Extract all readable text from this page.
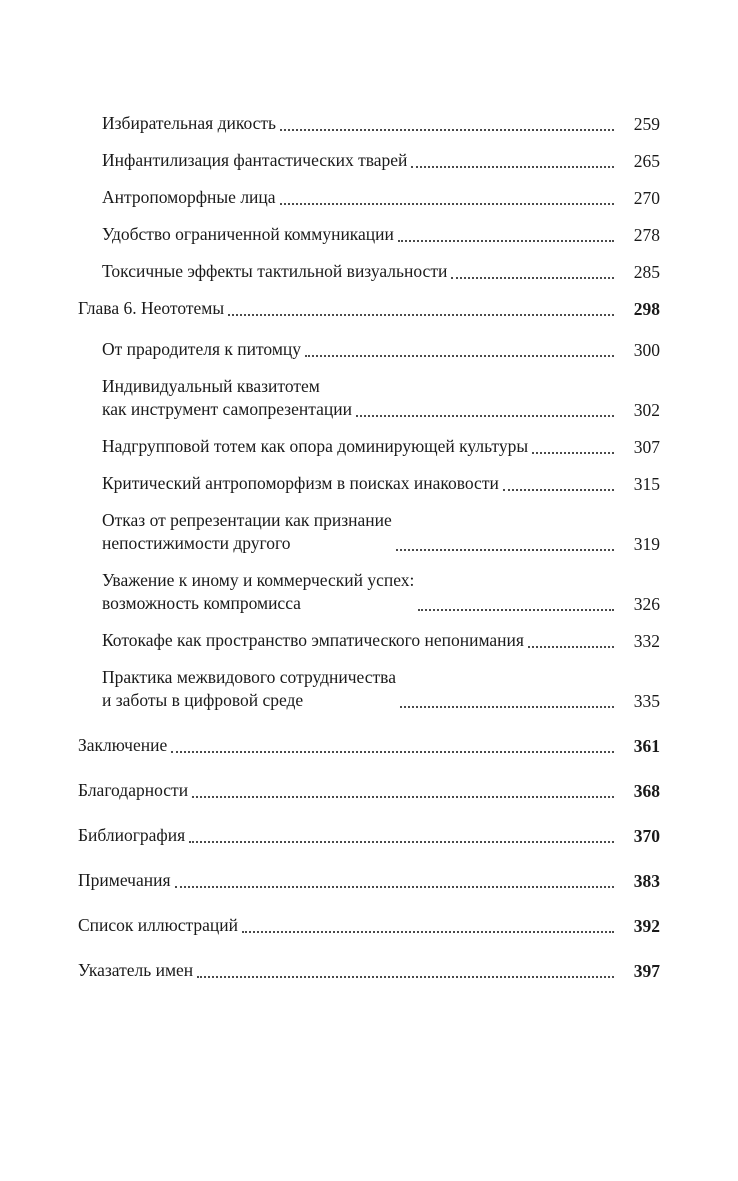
Избирательная дикость	259
Инфантилизация фантастических тварей	265
Антропоморфные лица	270
Удобство ограниченной коммуникации	278
Токсичные эффекты тактильной визуальности	285
Глава 6. Неототемы	298
От прародителя к питомцу	300
Индивидуальный квазитотем
как инструмент самопрезентации	302
Надгрупповой тотем как опора доминирующей культуры	307
Критический антропоморфизм в поисках инаковости	315
Отказ от репрезентации как признание
непостижимости другого	319
Уважение к иному и коммерческий успех:
возможность компромисса	326
Котокафе как пространство эмпатического непонимания	332
Практика межвидового сотрудничества
и заботы в цифровой среде	335
Заключение	361
Благодарности	368
Библиография	370
Примечания	383
Список иллюстраций	392
Указатель имен	397
